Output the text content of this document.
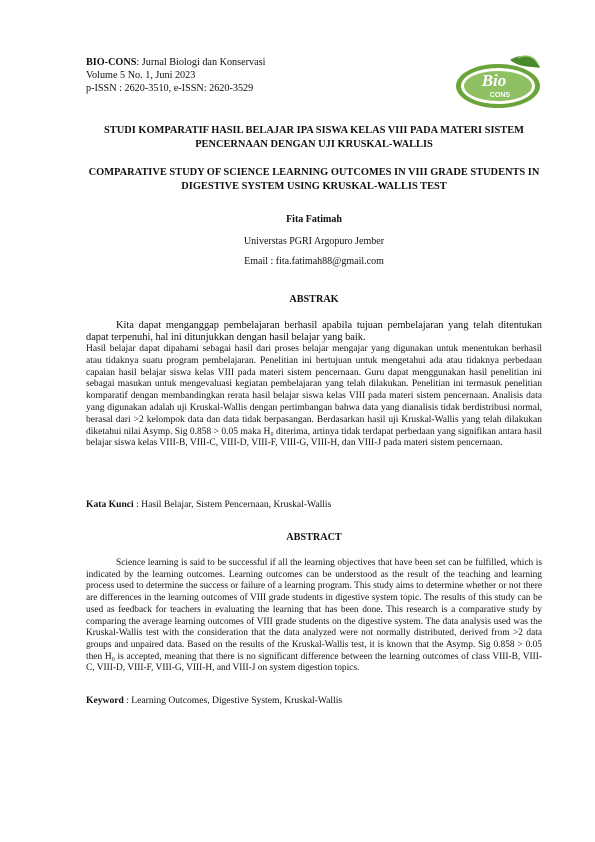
BIO-CONS: Jurnal Biologi dan Konservasi
Volume 5 No. 1, Juni 2023
p-ISSN : 2620-3510, e-ISSN: 2620-3529	Bio
CONS
STUDI KOMPARATIF HASIL BELAJAR IPA SISWA KELAS VIII PADA MATERI SISTEM PENCERNAAN DENGAN UJI KRUSKAL-WALLIS
COMPARATIVE STUDY OF SCIENCE LEARNING OUTCOMES IN VIII GRADE STUDENTS IN DIGESTIVE SYSTEM USING KRUSKAL-WALLIS TEST
Fita Fatimah
Universtas PGRI Argopuro Jember
Email : fita.fatimah88@gmail.com
ABSTRAK
Kita dapat menganggap pembelajaran berhasil apabila tujuan pembelajaran yang telah ditentukan dapat terpenuhi, hal ini ditunjukkan dengan hasil belajar yang baik.
Hasil belajar dapat dipahami sebagai hasil dari proses belajar mengajar yang digunakan untuk menentukan berhasil atau tidaknya suatu program pembelajaran. Penelitian ini bertujuan untuk mengetahui ada atau tidaknya perbedaan capaian hasil belajar siswa kelas VIII pada materi sistem pencernaan. Guru dapat menggunakan hasil penelitian ini sebagai masukan untuk mengevaluasi kegiatan pembelajaran yang telah dilakukan. Penelitian ini termasuk penelitian komparatif dengan membandingkan rerata hasil belajar siswa kelas VIII pada materi sistem pencernaan. Analisis data yang digunakan adalah uji Kruskal-Wallis dengan pertimbangan bahwa data yang dianalisis tidak berdistribusi normal, berasal dari >2 kelompok data dan data tidak berpasangan. Berdasarkan hasil uji Kruskal-Wallis yang telah dilakukan diketahui nilai Asymp. Sig 0.858 > 0.05 maka H₀ diterima, artinya tidak terdapat perbedaan yang signifikan antara hasil belajar siswa kelas VIII-B, VIII-C, VIII-D, VIII-F, VIII-G, VIII-H, dan VIII-J pada materi sistem pencernaan.
Kata Kunci : Hasil Belajar, Sistem Pencernaan, Kruskal-Wallis
ABSTRACT
Science learning is said to be successful if all the learning objectives that have been set can be fulfilled, which is indicated by the learning outcomes. Learning outcomes can be understood as the result of the teaching and learning process used to determine the success or failure of a learning program. This study aims to determine whether or not there are differences in the learning outcomes of VIII grade students in digestive system topic. The results of this study can be used as feedback for teachers in evaluating the learning that has been done. This research is a comparative study by comparing the average learning outcomes of VIII grade students on the digestive system. The data analysis used was the Kruskal-Wallis test with the consideration that the data analyzed were not normally distributed, derived from >2 data groups and unpaired data. Based on the results of the Kruskal-Wallis test, it is known that the Asymp. Sig 0.858 > 0.05 then H₀ is accepted, meaning that there is no significant difference between the learning outcomes of class VIII-B, VIII-C, VIII-D, VIII-F, VIII-G, VIII-H, and VIII-J on system digestion topics.
Keyword : Learning Outcomes, Digestive System, Kruskal-Wallis
